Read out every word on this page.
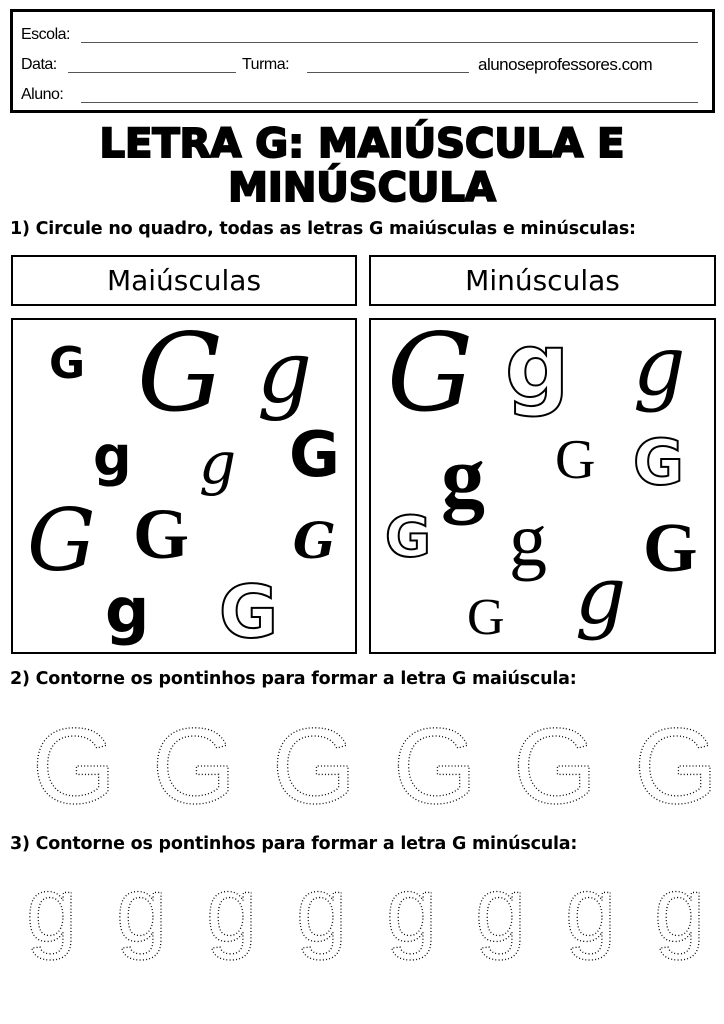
Escola:
Data:	Turma:	alunoseprofessores.com
Aluno:
LETRA G: MAIÚSCULA E
MINÚSCULA
1) Circule no quadro, todas as letras G maiúsculas e minúsculas:
Maiúsculas	Minúsculas
G G g
g g G
G G G
g G
G g g
g G G
G g
g
G
G
2) Contorne os pontinhos para formar a letra G maiúscula:
G G G G G G
3) Contorne os pontinhos para formar a letra G minúscula:
g g g g g g g g
